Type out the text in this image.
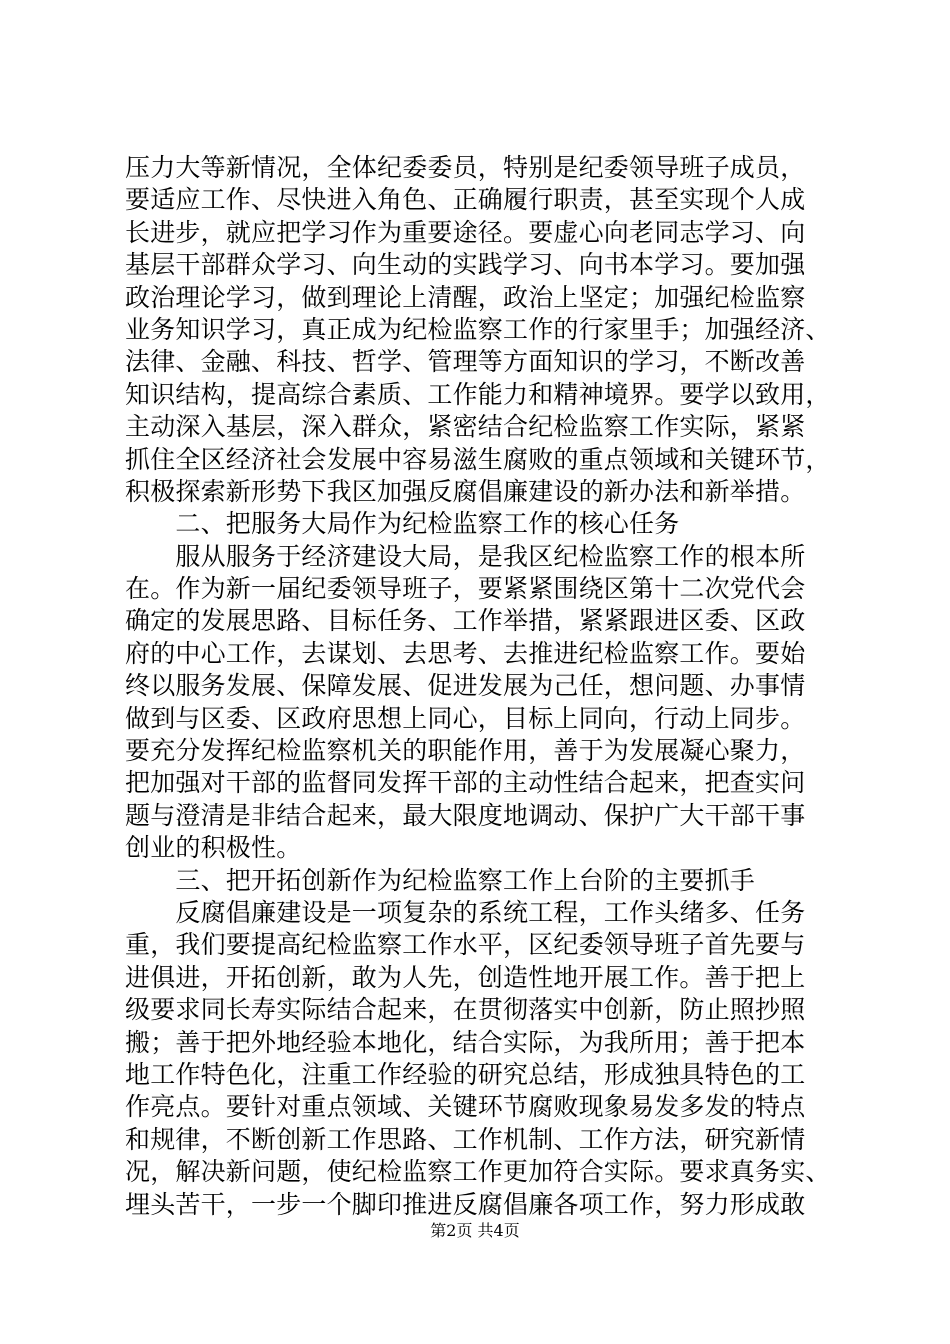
压力大等新情况，全体纪委委员，特别是纪委领导班子成员，
要适应工作、尽快进入角色、正确履行职责，甚至实现个人成
长进步，就应把学习作为重要途径。要虚心向老同志学习、向
基层干部群众学习、向生动的实践学习、向书本学习。要加强
政治理论学习，做到理论上清醒，政治上坚定；加强纪检监察
业务知识学习，真正成为纪检监察工作的行家里手；加强经济、
法律、金融、科技、哲学、管理等方面知识的学习，不断改善
知识结构，提高综合素质、工作能力和精神境界。要学以致用，
主动深入基层，深入群众，紧密结合纪检监察工作实际，紧紧
抓住全区经济社会发展中容易滋生腐败的重点领域和关键环节，
积极探索新形势下我区加强反腐倡廉建设的新办法和新举措。
　　二、把服务大局作为纪检监察工作的核心任务
　　服从服务于经济建设大局，是我区纪检监察工作的根本所
在。作为新一届纪委领导班子，要紧紧围绕区第十二次党代会
确定的发展思路、目标任务、工作举措，紧紧跟进区委、区政
府的中心工作，去谋划、去思考、去推进纪检监察工作。要始
终以服务发展、保障发展、促进发展为己任，想问题、办事情
做到与区委、区政府思想上同心，目标上同向，行动上同步。
要充分发挥纪检监察机关的职能作用，善于为发展凝心聚力，
把加强对干部的监督同发挥干部的主动性结合起来，把查实问
题与澄清是非结合起来，最大限度地调动、保护广大干部干事
创业的积极性。
　　三、把开拓创新作为纪检监察工作上台阶的主要抓手
　　反腐倡廉建设是一项复杂的系统工程，工作头绪多、任务
重，我们要提高纪检监察工作水平，区纪委领导班子首先要与
进俱进，开拓创新，敢为人先，创造性地开展工作。善于把上
级要求同长寿实际结合起来，在贯彻落实中创新，防止照抄照
搬；善于把外地经验本地化，结合实际，为我所用；善于把本
地工作特色化，注重工作经验的研究总结，形成独具特色的工
作亮点。要针对重点领域、关键环节腐败现象易发多发的特点
和规律，不断创新工作思路、工作机制、工作方法，研究新情
况，解决新问题，使纪检监察工作更加符合实际。要求真务实、
埋头苦干，一步一个脚印推进反腐倡廉各项工作，努力形成敢
第2页 共4页
